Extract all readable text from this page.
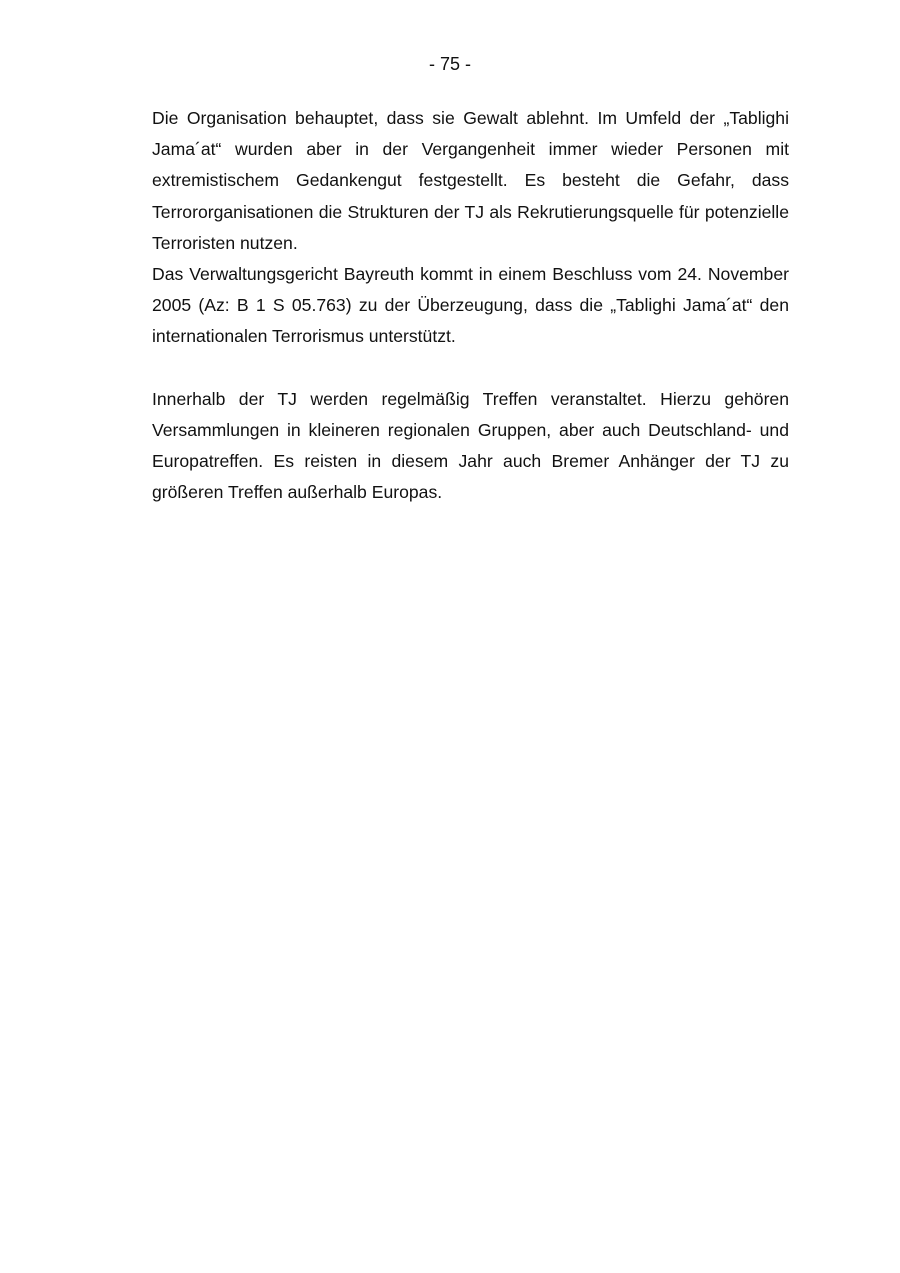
- 75 -

Die Organisation behauptet, dass sie Gewalt ablehnt. Im Umfeld der „Tablighi Jama´at“ wurden aber in der Vergangenheit immer wieder Personen mit extremistischem Gedankengut festgestellt. Es besteht die Gefahr, dass Terrororganisationen die Strukturen der TJ als Rekrutierungsquelle für potenzielle Terroristen nutzen.

Das Verwaltungsgericht Bayreuth kommt in einem Beschluss vom 24. November 2005 (Az: B 1 S 05.763) zu der Überzeugung, dass die „Tablighi Jama´at“ den internationalen Terrorismus unterstützt.

Innerhalb der TJ werden regelmäßig Treffen veranstaltet. Hierzu gehören Versammlungen in kleineren regionalen Gruppen, aber auch Deutschland- und Europatreffen. Es reisten in diesem Jahr auch Bremer Anhänger der TJ zu größeren Treffen außerhalb Europas.
